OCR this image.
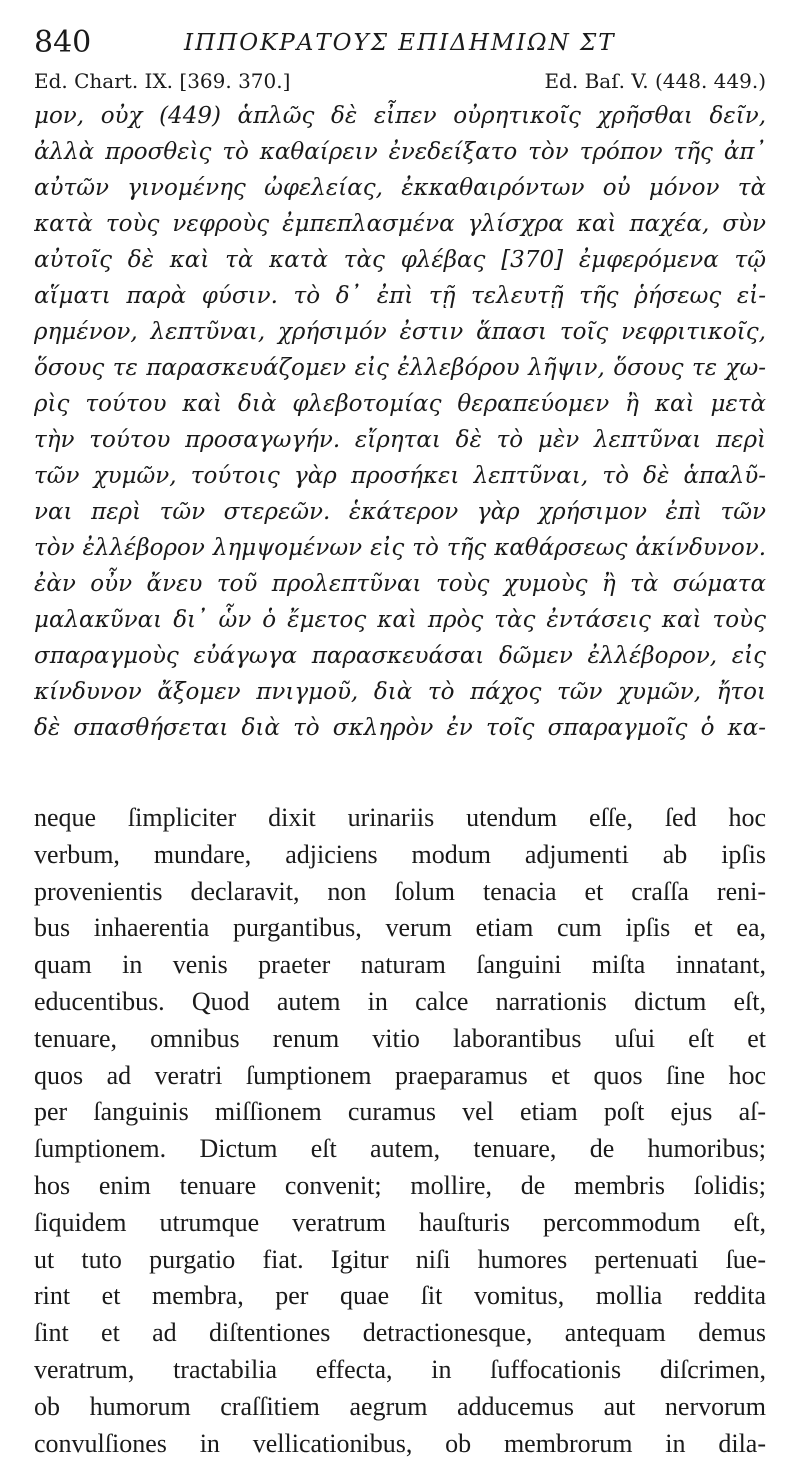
840	ΙΠΠΟΚΡΑΤΟΥΣ ΕΠΙΔΗΜΙΩΝ ΣΤ
Ed. Chart. IX. [369. 370.]	Ed. Baſ. V. (448. 449.)
μον, οὐχ (449) ἁπλῶς δὲ εἶπεν οὐρητικοῖς χρῆσθαι δεῖν,
ἀλλὰ προσθεὶς τὸ καθαίρειν ἐνεδείξατο τὸν τρόπον τῆς ἀπ᾽
αὐτῶν γινομένης ὠφελείας, ἐκκαθαιρόντων οὐ μόνον τὰ
κατὰ τοὺς νεφροὺς ἐμπεπλασμένα γλίσχρα καὶ παχέα, σὺν
αὐτοῖς δὲ καὶ τὰ κατὰ τὰς φλέβας [370] ἐμφερόμενα τῷ
αἵματι παρὰ φύσιν. τὸ δ᾽ ἐπὶ τῇ τελευτῇ τῆς ῥήσεως εἰ-
ρημένον, λεπτῦναι, χρήσιμόν ἐστιν ἅπασι τοῖς νεφριτικοῖς,
ὅσους τε παρασκευάζομεν εἰς ἐλλεβόρου λῆψιν, ὅσους τε χω-
ρὶς τούτου καὶ διὰ φλεβοτομίας θεραπεύομεν ἢ καὶ μετὰ
τὴν τούτου προσαγωγήν. εἴρηται δὲ τὸ μὲν λεπτῦναι περὶ
τῶν χυμῶν, τούτοις γὰρ προσήκει λεπτῦναι, τὸ δὲ ἁπαλῦ-
ναι περὶ τῶν στερεῶν. ἑκάτερον γὰρ χρήσιμον ἐπὶ τῶν
τὸν ἐλλέβορον λημψομένων εἰς τὸ τῆς καθάρσεως ἀκίνδυνον.
ἐὰν οὖν ἄνευ τοῦ προλεπτῦναι τοὺς χυμοὺς ἢ τὰ σώματα
μαλακῦναι δι᾽ ὧν ὁ ἔμετος καὶ πρὸς τὰς ἐντάσεις καὶ τοὺς
σπαραγμοὺς εὐάγωγα παρασκευάσαι δῶμεν ἐλλέβορον, εἰς
κίνδυνον ἄξομεν πνιγμοῦ, διὰ τὸ πάχος τῶν χυμῶν, ἤτοι
δὲ σπασθήσεται διὰ τὸ σκληρὸν ἐν τοῖς σπαραγμοῖς ὁ κα-
neque ſimpliciter dixit urinariis utendum eſſe, ſed hoc
verbum, mundare, adjiciens modum adjumenti ab ipſis
provenientis declaravit, non ſolum tenacia et craſſa reni-
bus inhaerentia purgantibus, verum etiam cum ipſis et ea,
quam in venis praeter naturam ſanguini miſta innatant,
educentibus. Quod autem in calce narrationis dictum eſt,
tenuare, omnibus renum vitio laborantibus uſui eſt et
quos ad veratri ſumptionem praeparamus et quos ſine hoc
per ſanguinis miſſionem curamus vel etiam poſt ejus aſ-
ſumptionem. Dictum eſt autem, tenuare, de humoribus;
hos enim tenuare convenit; mollire, de membris ſolidis;
ſiquidem utrumque veratrum hauſturis percommodum eſt,
ut tuto purgatio fiat. Igitur niſi humores pertenuati ſue-
rint et membra, per quae ſit vomitus, mollia reddita
ſint et ad diſtentiones detractionesque, antequam demus
veratrum, tractabilia effecta, in ſuffocationis diſcrimen,
ob humorum craſſitiem aegrum adducemus aut nervorum
convulſiones in vellicationibus, ob membrorum in dila-
